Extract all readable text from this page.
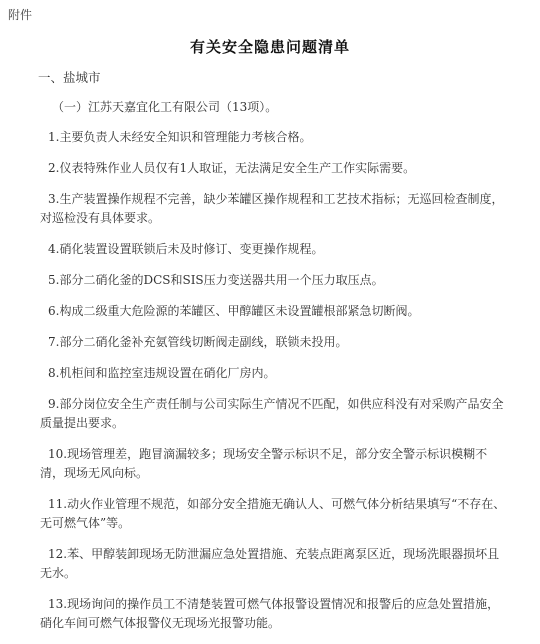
附件
有关安全隐患问题清单
一、盐城市
（一）江苏天嘉宜化工有限公司（13项）。

1.主要负责人未经安全知识和管理能力考核合格。

2.仪表特殊作业人员仅有1人取证，无法满足安全生产工作实际需要。

3.生产装置操作规程不完善，缺少苯罐区操作规程和工艺技术指标；无巡回检查制度，对巡检没有具体要求。

4.硝化装置设置联锁后未及时修订、变更操作规程。

5.部分二硝化釜的DCS和SIS压力变送器共用一个压力取压点。

6.构成二级重大危险源的苯罐区、甲醇罐区未设置罐根部紧急切断阀。

7.部分二硝化釜补充氨管线切断阀走副线，联锁未投用。

8.机柜间和监控室违规设置在硝化厂房内。

9.部分岗位安全生产责任制与公司实际生产情况不匹配，如供应科没有对采购产品安全质量提出要求。

10.现场管理差，跑冒滴漏较多；现场安全警示标识不足，部分安全警示标识模糊不清，现场无风向标。

11.动火作业管理不规范，如部分安全措施无确认人、可燃气体分析结果填写“不存在、无可燃气体”等。

12.苯、甲醇装卸现场无防泄漏应急处置措施、充装点距离泵区近，现场洗眼器损坏且无水。

13.现场询问的操作员工不清楚装置可燃气体报警设置情况和报警后的应急处置措施，硝化车间可燃气体报警仪无现场光报警功能。
